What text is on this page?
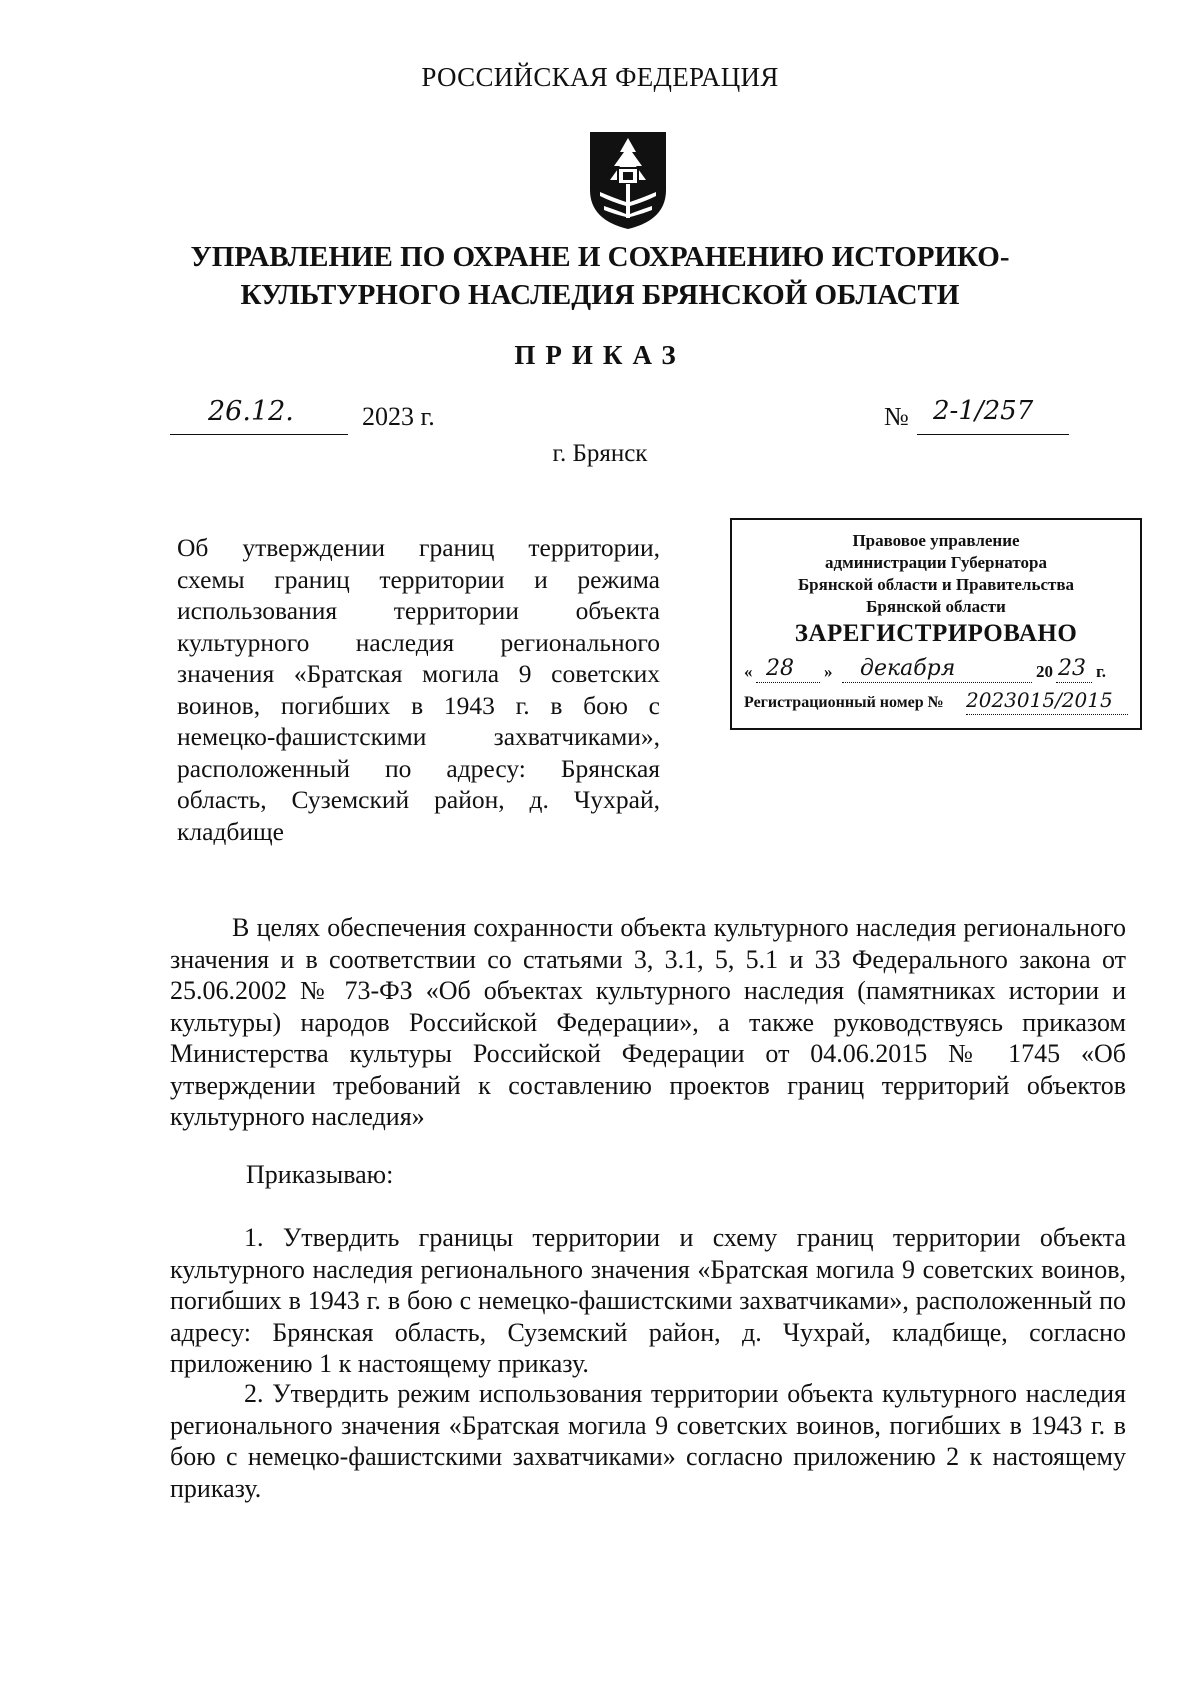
РОССИЙСКАЯ ФЕДЕРАЦИЯ
УПРАВЛЕНИЕ ПО ОХРАНЕ И СОХРАНЕНИЮ ИСТОРИКО-
КУЛЬТУРНОГО НАСЛЕДИЯ БРЯНСКОЙ ОБЛАСТИ
ПРИКАЗ
26.12.	2023 г.	№ 2-1/257
г. Брянск
Об утверждении границ территории,
схемы границ территории и режима
использования территории объекта
культурного наследия регионального
значения «Братская могила 9 советских
воинов, погибших в 1943 г. в бою с
немецко-фашистскими захватчиками»,
расположенный по адресу: Брянская
область, Суземский район, д. Чухрай,
кладбище
Правовое управление
администрации Губернатора
Брянской области и Правительства
Брянской области
ЗАРЕГИСТРИРОВАНО
« 28 » декабря	20 23 г.
Регистрационный номер № 2023015/2015
В целях обеспечения сохранности объекта культурного наследия регионального значения и в соответствии со статьями 3, 3.1, 5, 5.1 и 33 Федерального закона от 25.06.2002 № 73-ФЗ «Об объектах культурного наследия (памятниках истории и культуры) народов Российской Федерации», а также руководствуясь приказом Министерства культуры Российской Федерации от 04.06.2015 № 1745 «Об утверждении требований к составлению проектов границ территорий объектов культурного наследия»
Приказываю:
1. Утвердить границы территории и схему границ территории объекта культурного наследия регионального значения «Братская могила 9 советских воинов, погибших в 1943 г. в бою с немецко-фашистскими захватчиками», расположенный по адресу: Брянская область, Суземский район, д. Чухрай, кладбище, согласно приложению 1 к настоящему приказу.
2. Утвердить режим использования территории объекта культурного наследия регионального значения «Братская могила 9 советских воинов, погибших в 1943 г. в бою с немецко-фашистскими захватчиками» согласно приложению 2 к настоящему приказу.
